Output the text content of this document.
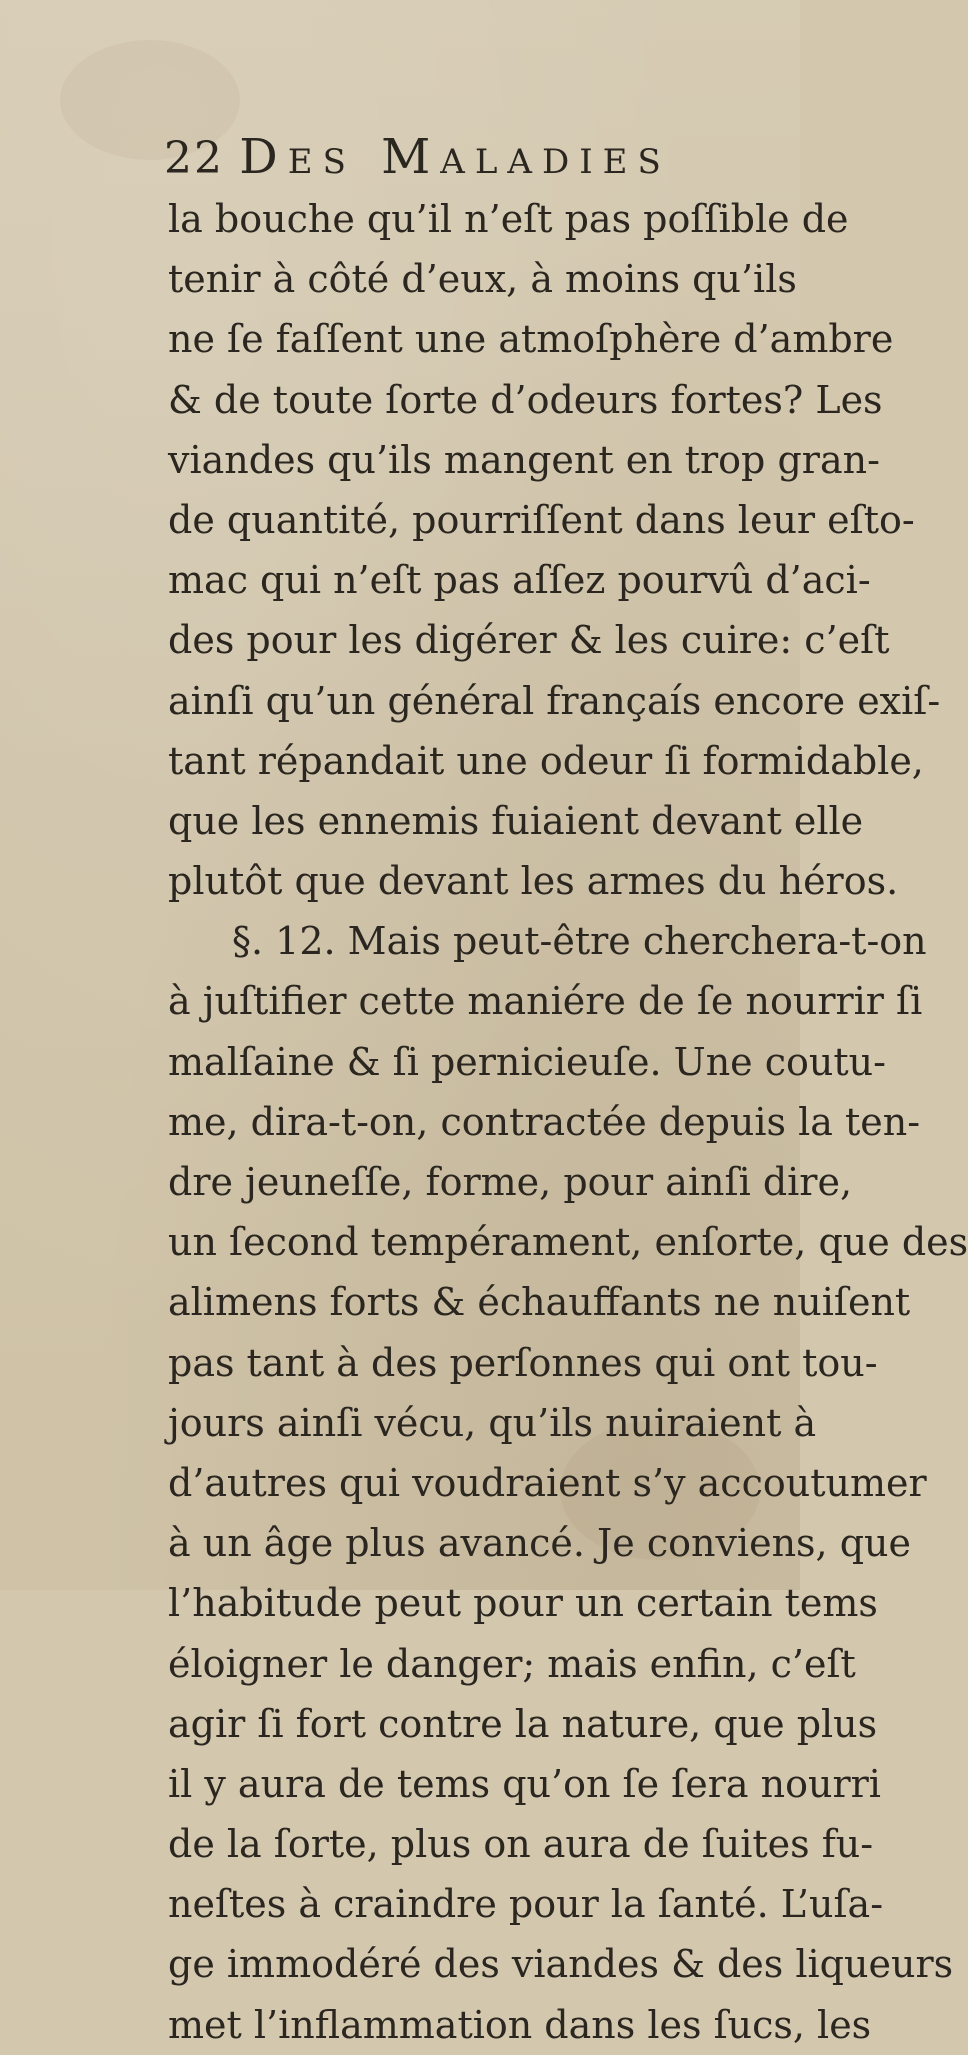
22 Des Maladies
la bouche qu’il n’eſt pas poſſible de
tenir à côté d’eux, à moins qu’ils
ne ſe faſſent une atmoſphère d’ambre
& de toute ſorte d’odeurs fortes? Les
viandes qu’ils mangent en trop gran-
de quantité, pourriſſent dans leur eſto-
mac qui n’eſt pas aſſez pourvû d’aci-
des pour les digérer & les cuire: c’eſt
ainſi qu’un général françaís encore exiſ-
tant répandait une odeur ſi formidable,
que les ennemis fuiaient devant elle
plutôt que devant les armes du héros.
§. 12. Mais peut-être cherchera-t-on
à juſtifier cette maniére de ſe nourrir ſi
malſaine & ſi pernicieuſe. Une coutu-
me, dira-t-on, contractée depuis la ten-
dre jeuneſſe, forme, pour ainſi dire,
un ſecond tempérament, enſorte, que des
alimens forts & échauffants ne nuiſent
pas tant à des perſonnes qui ont tou-
jours ainſi vécu, qu’ils nuiraient à
d’autres qui voudraient s’y accoutumer
à un âge plus avancé. Je conviens, que
l’habitude peut pour un certain tems
éloigner le danger; mais enfin, c’eſt
agir ſi fort contre la nature, que plus
il y aura de tems qu’on ſe ſera nourri
de la ſorte, plus on aura de ſuites fu-
neſtes à craindre pour la ſanté. L’uſa-
ge immodéré des viandes & des liqueurs
met l’inflammation dans les ſucs, les
